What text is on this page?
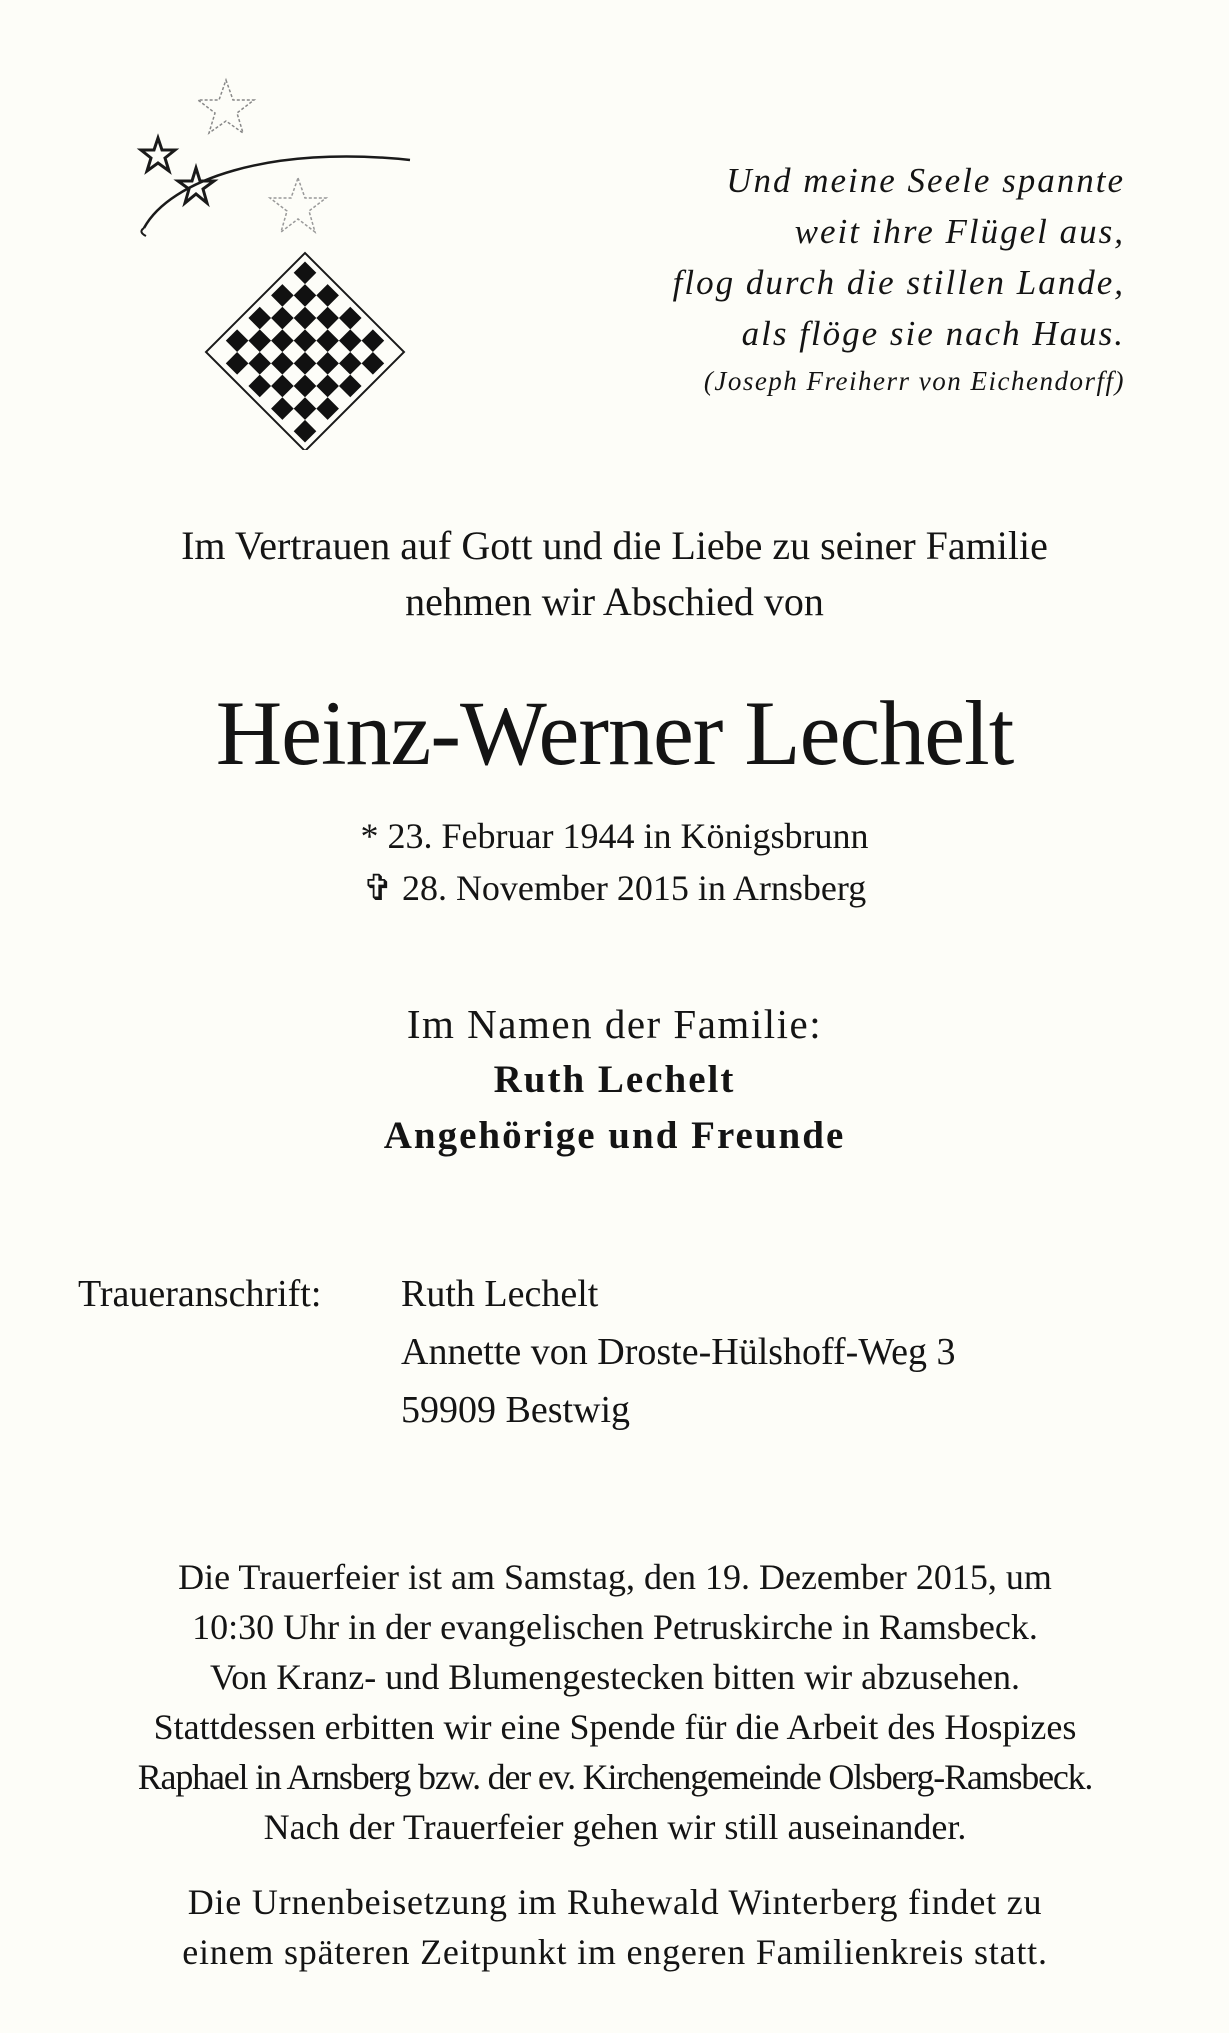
Und meine Seele spannte
weit ihre Flügel aus,
flog durch die stillen Lande,
als flöge sie nach Haus.
(Joseph Freiherr von Eichendorff)
Im Vertrauen auf Gott und die Liebe zu seiner Familie
nehmen wir Abschied von
Heinz-Werner Lechelt
* 23. Februar 1944 in Königsbrunn
✞ 28. November 2015 in Arnsberg
Im Namen der Familie:
Ruth Lechelt
Angehörige und Freunde
Traueranschrift: Ruth Lechelt
Annette von Droste-Hülshoff-Weg 3
59909 Bestwig
Die Trauerfeier ist am Samstag, den 19. Dezember 2015, um
10:30 Uhr in der evangelischen Petruskirche in Ramsbeck.
Von Kranz- und Blumengestecken bitten wir abzusehen.
Stattdessen erbitten wir eine Spende für die Arbeit des Hospizes
Raphael in Arnsberg bzw. der ev. Kirchengemeinde Olsberg-Ramsbeck.
Nach der Trauerfeier gehen wir still auseinander.
Die Urnenbeisetzung im Ruhewald Winterberg findet zu
einem späteren Zeitpunkt im engeren Familienkreis statt.
